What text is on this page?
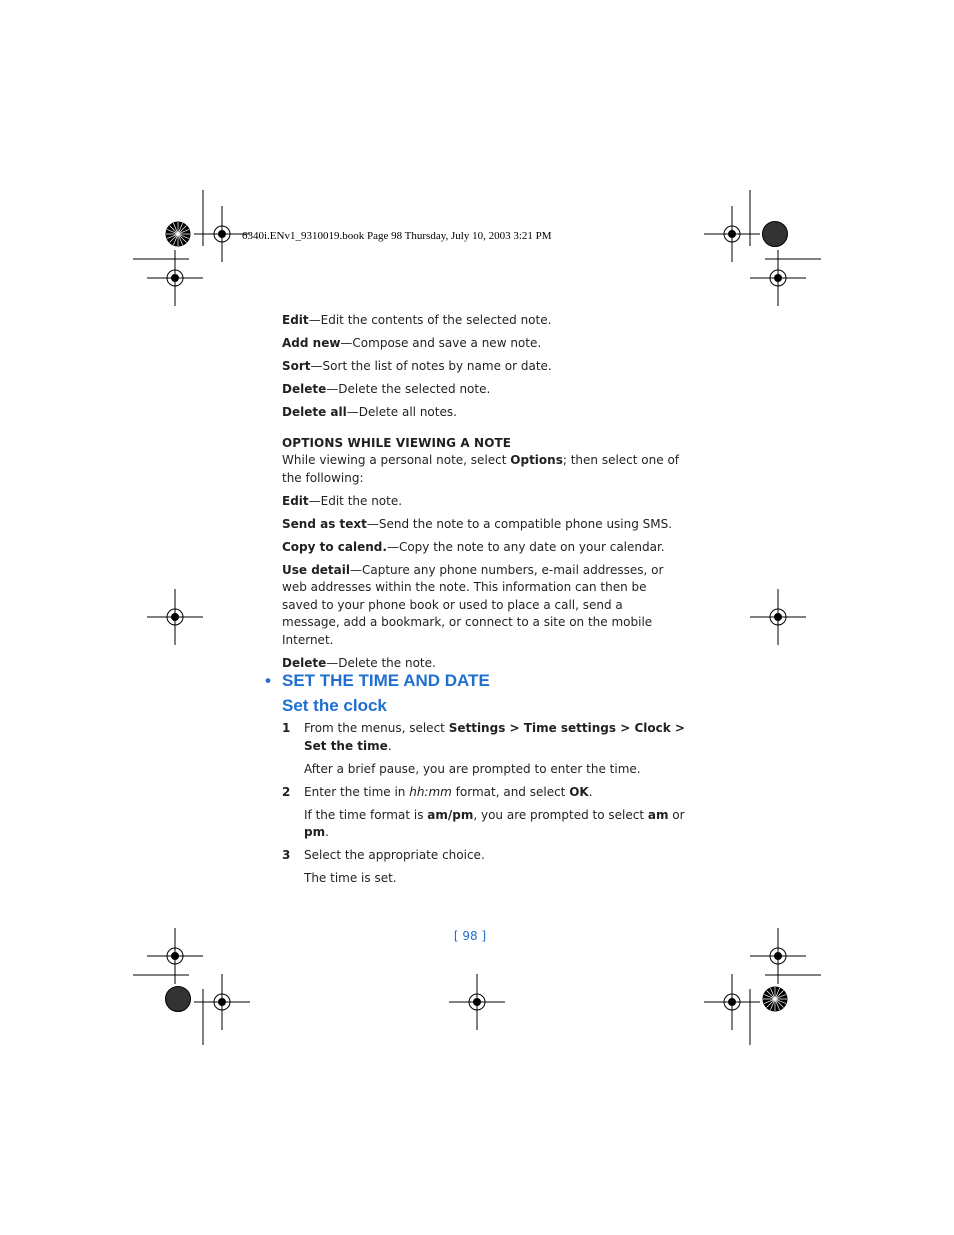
6340i.ENv1_9310019.book Page 98 Thursday, July 10, 2003 3:21 PM

Edit—Edit the contents of the selected note.

Add new—Compose and save a new note.

Sort—Sort the list of notes by name or date.

Delete—Delete the selected note.

Delete all—Delete all notes.

OPTIONS WHILE VIEWING A NOTE

While viewing a personal note, select Options; then select one of the following:

Edit—Edit the note.

Send as text—Send the note to a compatible phone using SMS.

Copy to calend.—Copy the note to any date on your calendar.

Use detail—Capture any phone numbers, e-mail addresses, or web addresses within the note. This information can then be saved to your phone book or used to place a call, send a message, add a bookmark, or connect to a site on the mobile Internet.

Delete—Delete the note.

• SET THE TIME AND DATE
Set the clock

1 From the menus, select Settings > Time settings > Clock >
Set the time.

After a brief pause, you are prompted to enter the time.

2 Enter the time in hh:mm format, and select OK.

If the time format is am/pm, you are prompted to select am or pm.

3 Select the appropriate choice.

The time is set.

[ 98 ]
